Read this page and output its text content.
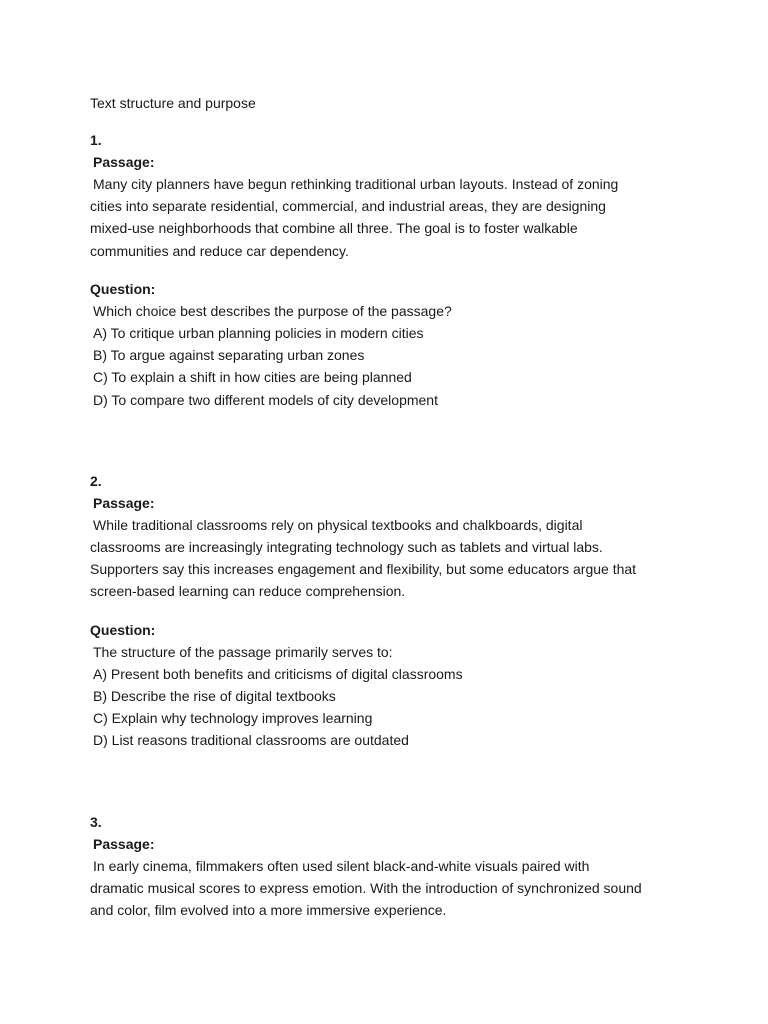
Text structure and purpose
1.
Passage:
Many city planners have begun rethinking traditional urban layouts. Instead of zoning
cities into separate residential, commercial, and industrial areas, they are designing
mixed-use neighborhoods that combine all three. The goal is to foster walkable
communities and reduce car dependency.
Question:
Which choice best describes the purpose of the passage?
A) To critique urban planning policies in modern cities
B) To argue against separating urban zones
C) To explain a shift in how cities are being planned
D) To compare two different models of city development
2.
Passage:
While traditional classrooms rely on physical textbooks and chalkboards, digital
classrooms are increasingly integrating technology such as tablets and virtual labs.
Supporters say this increases engagement and flexibility, but some educators argue that
screen-based learning can reduce comprehension.
Question:
The structure of the passage primarily serves to:
A) Present both benefits and criticisms of digital classrooms
B) Describe the rise of digital textbooks
C) Explain why technology improves learning
D) List reasons traditional classrooms are outdated
3.
Passage:
In early cinema, filmmakers often used silent black-and-white visuals paired with
dramatic musical scores to express emotion. With the introduction of synchronized sound
and color, film evolved into a more immersive experience.
